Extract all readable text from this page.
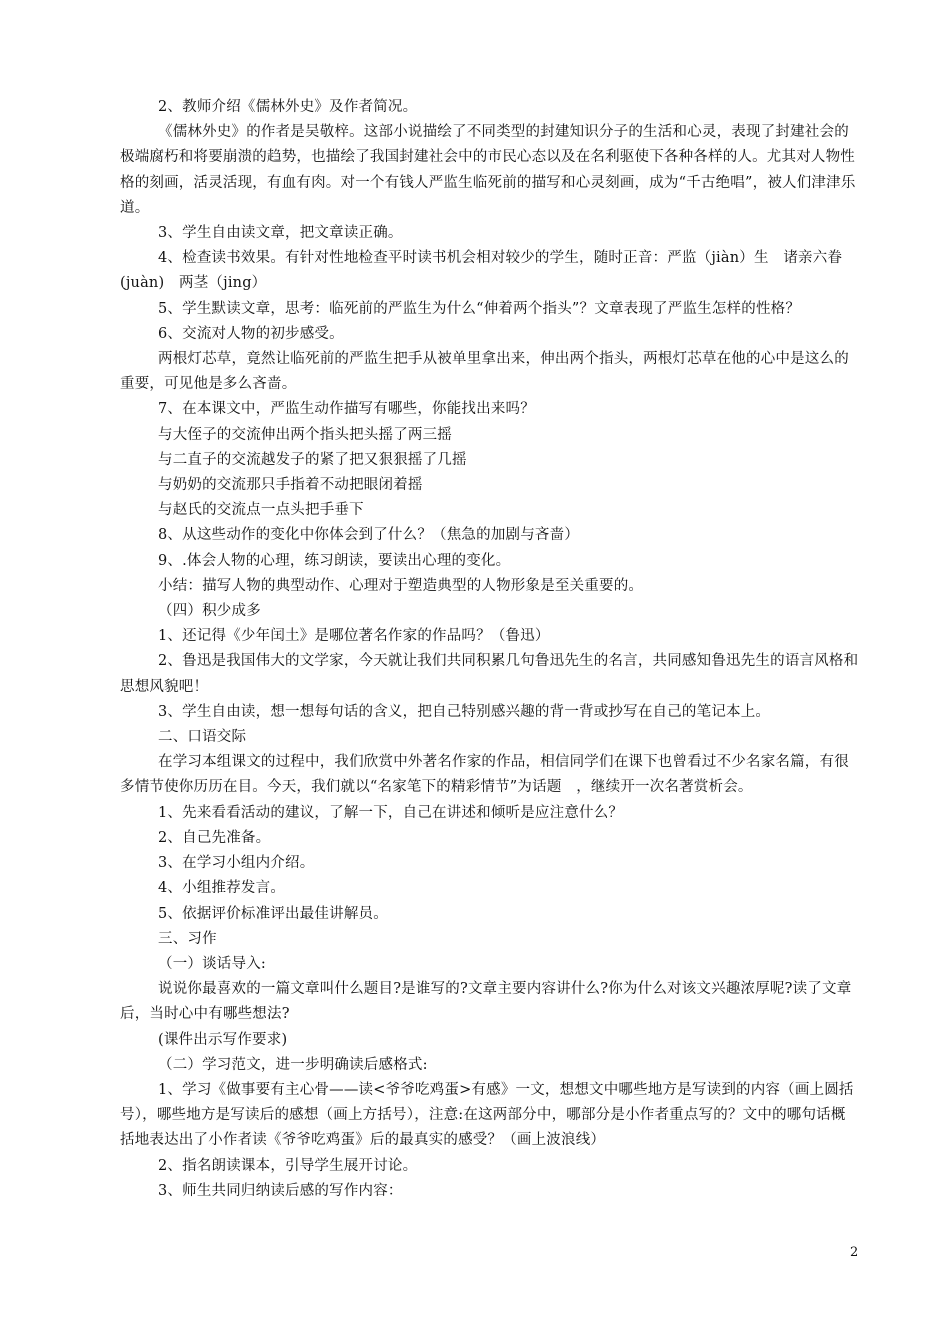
2、教师介绍《儒林外史》及作者简况。

《儒林外史》的作者是吴敬梓。这部小说描绘了不同类型的封建知识分子的生活和心灵，表现了封建社会的极端腐朽和将要崩溃的趋势，也描绘了我国封建社会中的市民心态以及在名利驱使下各种各样的人。尤其对人物性格的刻画，活灵活现，有血有肉。对一个有钱人严监生临死前的描写和心灵刻画，成为“千古绝唱”，被人们津津乐道。

3、学生自由读文章，把文章读正确。

4、检查读书效果。有针对性地检查平时读书机会相对较少的学生，随时正音：严监（jiàn）生　诸亲六眷(juàn)　两茎（jing）

5、学生默读文章，思考：临死前的严监生为什么“伸着两个指头”？文章表现了严监生怎样的性格？

6、交流对人物的初步感受。

两根灯芯草，竟然让临死前的严监生把手从被单里拿出来，伸出两个指头，两根灯芯草在他的心中是这么的重要，可见他是多么吝啬。

7、在本课文中，严监生动作描写有哪些，你能找出来吗？

与大侄子的交流伸出两个指头把头摇了两三摇

与二直子的交流越发子的紧了把又狠狠摇了几摇

与奶奶的交流那只手指着不动把眼闭着摇

与赵氏的交流点一点头把手垂下

8、从这些动作的变化中你体会到了什么？（焦急的加剧与吝啬）

9、.体会人物的心理，练习朗读，要读出心理的变化。

小结：描写人物的典型动作、心理对于塑造典型的人物形象是至关重要的。

（四）积少成多

1、还记得《少年闰土》是哪位著名作家的作品吗？（鲁迅）

2、鲁迅是我国伟大的文学家，今天就让我们共同积累几句鲁迅先生的名言，共同感知鲁迅先生的语言风格和思想风貌吧！

3、学生自由读，想一想每句话的含义，把自己特别感兴趣的背一背或抄写在自己的笔记本上。

二、口语交际

在学习本组课文的过程中，我们欣赏中外著名作家的作品，相信同学们在课下也曾看过不少名家名篇，有很多情节使你历历在目。今天，我们就以“名家笔下的精彩情节”为话题　，继续开一次名著赏析会。

1、先来看看活动的建议，了解一下，自己在讲述和倾听是应注意什么？

2、自己先准备。

3、在学习小组内介绍。

4、小组推荐发言。

5、依据评价标准评出最佳讲解员。

三、习作

（一）谈话导入:

说说你最喜欢的一篇文章叫什么题目?是谁写的?文章主要内容讲什么?你为什么对该文兴趣浓厚呢?读了文章后，当时心中有哪些想法?

(课件出示写作要求)

（二）学习范文，进一步明确读后感格式:

1、学习《做事要有主心骨——读<爷爷吃鸡蛋>有感》一文，想想文中哪些地方是写读到的内容（画上圆括号），哪些地方是写读后的感想（画上方括号），注意:在这两部分中，哪部分是小作者重点写的？文中的哪句话概括地表达出了小作者读《爷爷吃鸡蛋》后的最真实的感受？（画上波浪线）

2、指名朗读课本，引导学生展开讨论。

3、师生共同归纳读后感的写作内容：

2
